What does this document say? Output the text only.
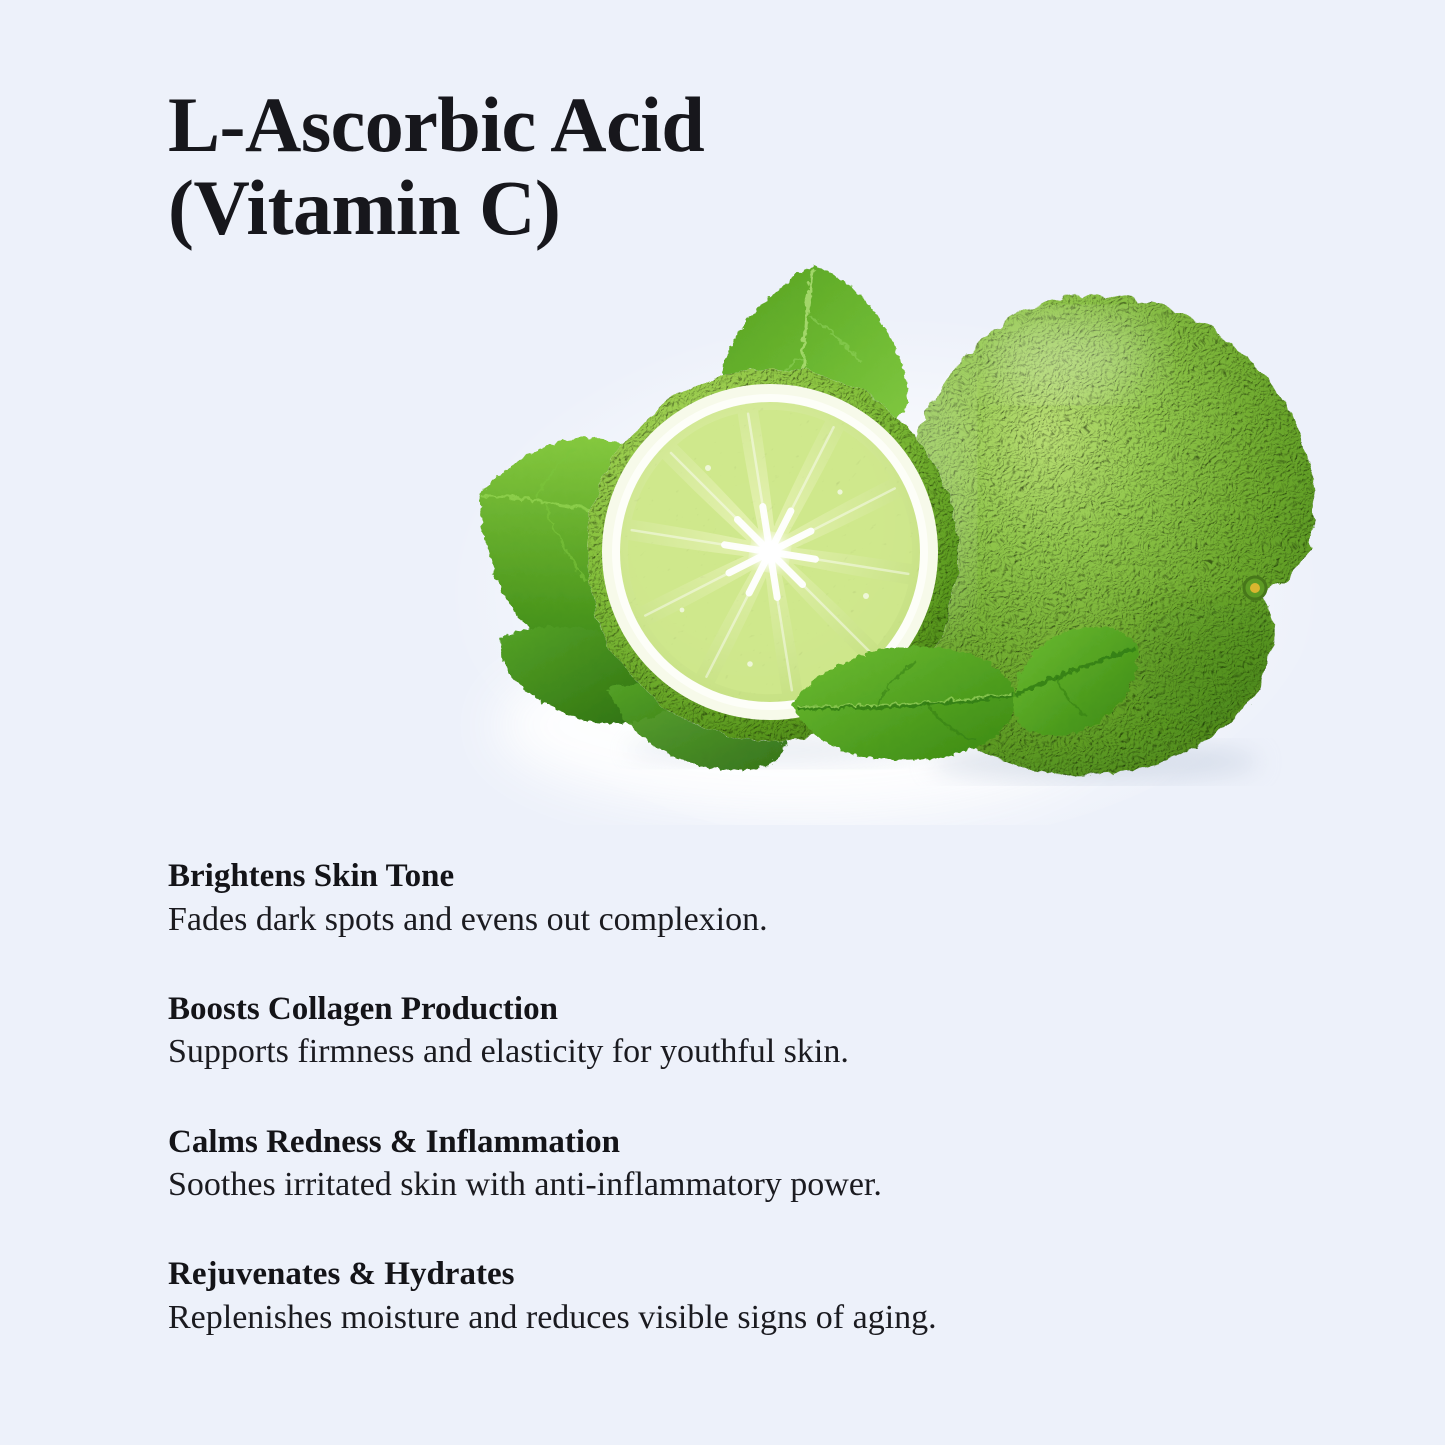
L-Ascorbic Acid
(Vitamin C)
Brightens Skin Tone

Fades dark spots and evens out complexion.

Boosts Collagen Production

Supports firmness and elasticity for youthful skin.

Calms Redness & Inflammation

Soothes irritated skin with anti-inflammatory power.

Rejuvenates & Hydrates

Replenishes moisture and reduces visible signs of aging.
